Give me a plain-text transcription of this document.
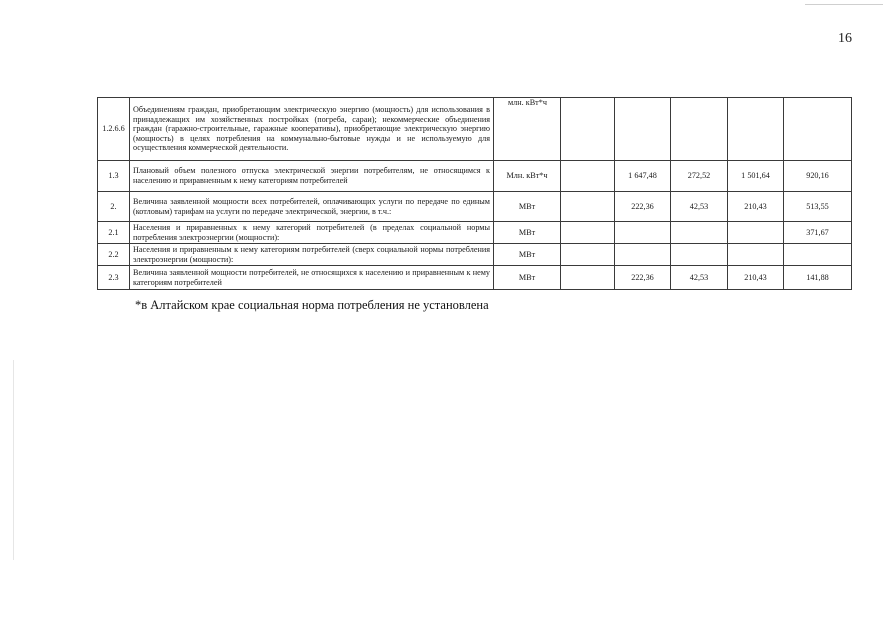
16
1.2.6.6	Объединениям граждан, приобретающим электрическую энергию (мощность) для использования в принадлежащих им хозяйственных постройках (погреба, сараи); некоммерческие объединения граждан (гаражно-строительные, гаражные кооперативы), приобретающие электрическую энергию (мощность) в целях потребления на коммунально-бытовые нужды и не используемую для осуществления коммерческой деятельности.	млн. кВт*ч					
1.3	Плановый объем полезного отпуска электрической энергии потребителям, не относящимся к населению и приравненным к нему категориям потребителей	Млн. кВт*ч		1 647,48	272,52	1 501,64	920,16
2.	Величина заявленной мощности всех потребителей, оплачивающих услуги по передаче по единым (котловым) тарифам на услуги по передаче электрической, энергии, в т.ч.:	МВт		222,36	42,53	210,43	513,55
2.1	Населения и приравненных к нему категорий потребителей (в пределах социальной нормы потребления электроэнергии (мощности):	МВт					371,67
2.2	Населения и приравненным к нему категориям потребителей (сверх социальной нормы потребления электроэнергии (мощности):	МВт					
2.3	Величина заявленной мощности потребителей, не относящихся к населению и приравненным к нему категориям потребителей	МВт		222,36	42,53	210,43	141,88
*в Алтайском крае социальная норма потребления не установлена
